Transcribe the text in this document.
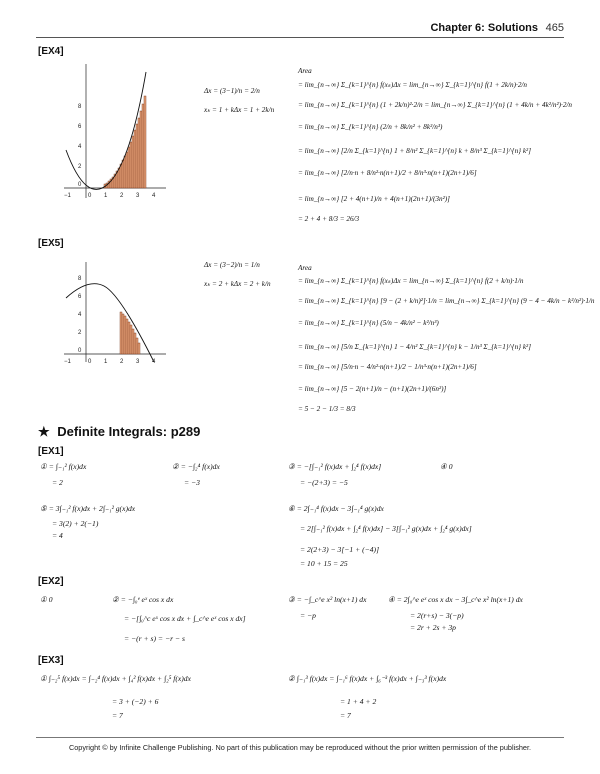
Chapter 6: Solutions 465
[EX4]
8
6
4
2
0
−1	0 1 2 3 4
Δx = (3−1)/n = 2/n
xₖ = 1 + kΔx = 1 + 2k/n
Area
= lim_{n→∞} Σ_{k=1}^{n} f(xₖ)Δx = lim_{n→∞} Σ_{k=1}^{n} f(1 + 2k/n)·2/n
= lim_{n→∞} Σ_{k=1}^{n} (1 + 2k/n)²·2/n = lim_{n→∞} Σ_{k=1}^{n} (1 + 4k/n + 4k²/n²)·2/n
= lim_{n→∞} Σ_{k=1}^{n} (2/n + 8k/n² + 8k²/n³)
= lim_{n→∞} [2/n Σ_{k=1}^{n} 1 + 8/n² Σ_{k=1}^{n} k + 8/n³ Σ_{k=1}^{n} k²]
= lim_{n→∞} [2/n·n + 8/n²·n(n+1)/2 + 8/n³·n(n+1)(2n+1)/6]
= lim_{n→∞} [2 + 4(n+1)/n + 4(n+1)(2n+1)/(3n²)]
= 2 + 4 + 8/3 = 26/3
[EX5]
8
6
4
2
0
−1	0 1 2 3 4
Δx = (3−2)/n = 1/n
xₖ = 2 + kΔx = 2 + k/n
Area
= lim_{n→∞} Σ_{k=1}^{n} f(xₖ)Δx = lim_{n→∞} Σ_{k=1}^{n} f(2 + k/n)·1/n
= lim_{n→∞} Σ_{k=1}^{n} [9 − (2 + k/n)²]·1/n = lim_{n→∞} Σ_{k=1}^{n} (9 − 4 − 4k/n − k²/n²)·1/n
= lim_{n→∞} Σ_{k=1}^{n} (5/n − 4k/n² − k²/n³)
= lim_{n→∞} [5/n Σ_{k=1}^{n} 1 − 4/n² Σ_{k=1}^{n} k − 1/n³ Σ_{k=1}^{n} k²]
= lim_{n→∞} [5/n·n − 4/n²·n(n+1)/2 − 1/n³·n(n+1)(2n+1)/6]
= lim_{n→∞} [5 − 2(n+1)/n − (n+1)(2n+1)/(6n²)]
= 5 − 2 − 1/3 = 8/3
★ Definite Integrals: p289
[EX1]
① = ∫₋₁² f(x)dx
= 2
② = −∫₂⁴ f(x)dx
= −3
③ = −[∫₋₁² f(x)dx + ∫₂⁴ f(x)dx]
= −(2+3) = −5
④ 0
⑤ = 3∫₋₁² f(x)dx + 2∫₋₁² g(x)dx
= 3(2) + 2(−1)
= 4
⑥ = 2∫₋₁⁴ f(x)dx − 3∫₋₁⁴ g(x)dx
= 2[∫₋₁² f(x)dx + ∫₂⁴ f(x)dx] − 3[∫₋₁² g(x)dx + ∫₂⁴ g(x)dx]
= 2(2+3) − 3[−1 + (−4)]
= 10 + 15 = 25
[EX2]
① 0	② = −∫₀ᵉ eˣ cos x dx
= −[∫₀^c eˣ cos x dx + ∫_c^e eˣ cos x dx]
= −(r + s) = −r − s
③ = −∫_c^e x² ln(x+1) dx
= −p
④ = 2∫₀^e eˣ cos x dx − 3∫_c^e x² ln(x+1) dx
= 2(r+s) − 3(−p)
= 2r + 2s + 3p
[EX3]
① ∫₋₂⁵ f(x)dx = ∫₋₂⁴ f(x)dx + ∫₄² f(x)dx + ∫₂⁵ f(x)dx
= 3 + (−2) + 6
= 7
② ∫₋₁³ f(x)dx = ∫₋₁⁶ f(x)dx + ∫₆⁻³ f(x)dx + ∫₋₃³ f(x)dx
= 1 + 4 + 2
= 7
Copyright © by Infinite Challenge Publishing. No part of this publication may be reproduced without the prior written permission of the publisher.
